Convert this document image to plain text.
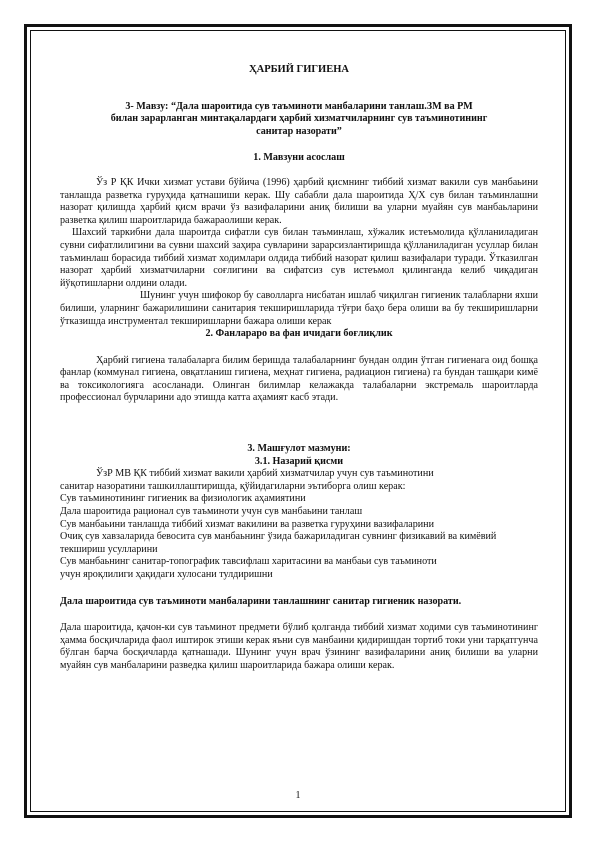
ҲАРБИЙ ГИГИЕНА

3- Мавзу: “Дала шароитида сув таъминоти манбаларини танлаш.ЗМ ва РМ
билан зарарланган минтақалардаги ҳарбий хизматчиларнинг сув таъминотининг
санитар назорати”

1. Мавзуни асослаш

Ўз Р ҚК Ички хизмат устави бўйича (1996) ҳарбий қисмнинг тиббий хизмат вакили сув манбаьини танлашда разветка гуруҳида қатнашиши керак. Шу сабабли дала шароитида Ҳ/Х сув билан таъминлашни назорат қилишда ҳарбий қисм врачи ўз вазифаларини аниқ билиши ва уларни муайян сув манбаьларини разветка қилиш шароитларида бажараолиши керак.

Шахсий таркибни дала шароитда сифатли сув билан таъминлаш, хўжалик истеъмолида қўлланиладиган сувни сифатлилигини ва сувни шахсий заҳира сувларини зарарсизлантиришда қўлланиладиган усуллар билан таъминлаш борасида тиббий хизмат ходимлари олдида тиббий назорат қилиш вазифалари туради. Ўтказилган назорат ҳарбий хизматчиларни соғлигини ва сифатсиз сув истеъмол қилинганда келиб чиқадиган йўқотишларни олдини олади.

Шунинг учун шифокор бу саволларга нисбатан ишлаб чиқилган гигиеник талабларни яхши билиши, уларнинг бажарилишини санитария текширишларида тўғри баҳо бера олиши ва бу текширишларни ўтказишда инструментал текширишларни бажара олиши керак

2. Фанлараро ва фан ичидаги боғлиқлик

Ҳарбий гигиена талабаларга билим беришда талабаларнинг бундан олдин ўтган гигиенага оид бошқа фанлар (коммунал гигиена, овқатланиш гигиена, меҳнат гигиена, радиацион гигиена) га бундан ташқари кимё ва токсикологияга асосланади. Олинган билимлар келажакда талабаларни экстремаль шароитларда профессионал бурчларини адо этишда катта аҳамият касб этади.

3. Машғулот мазмуни:

3.1. Назарий қисми

ЎзР МВ ҚК тиббий хизмат вакили ҳарбий хизматчилар учун сув таъминотини

санитар назоратини ташкиллаштиришда, қўйидагиларни эътиборга олиш керак:

Сув таъминотининг гигиеник ва физиологик аҳамиятини

Дала шароитида рационал сув таъминоти учун сув манбаьини танлаш

Сув манбаьини танлашда тиббий хизмат вакилини ва разветка гуруҳини вазифаларини

Очиқ сув хавзаларида бевосита сув манбаьнинг ўзида бажариладиган сувнинг физикавий ва кимёвий текшириш усулларини

Сув манбаьнинг санитар-топографик тавсифлаш харитасини ва манбаьи сув таъминоти

учун яроқлилиги ҳақидаги хулосани тулдиришни

Дала шароитида сув таъминоти манбаларини танлашнинг санитар гигиеник назорати.

Дала шароитида, қачон-ки сув таъминот предмети бўлиб қолганда тиббий хизмат ходими сув таъминотининг ҳамма босқичларида фаол иштирок этиши керак яъни сув манбаини қидиришдан тортиб токи уни тарқатгунча бўлган барча босқичларда қатнашади. Шунинг учун врач ўзининг вазифаларини аниқ билиши ва уларни муайян сув манбаларини разведка қилиш шароитларида бажара олиши керак.

1
